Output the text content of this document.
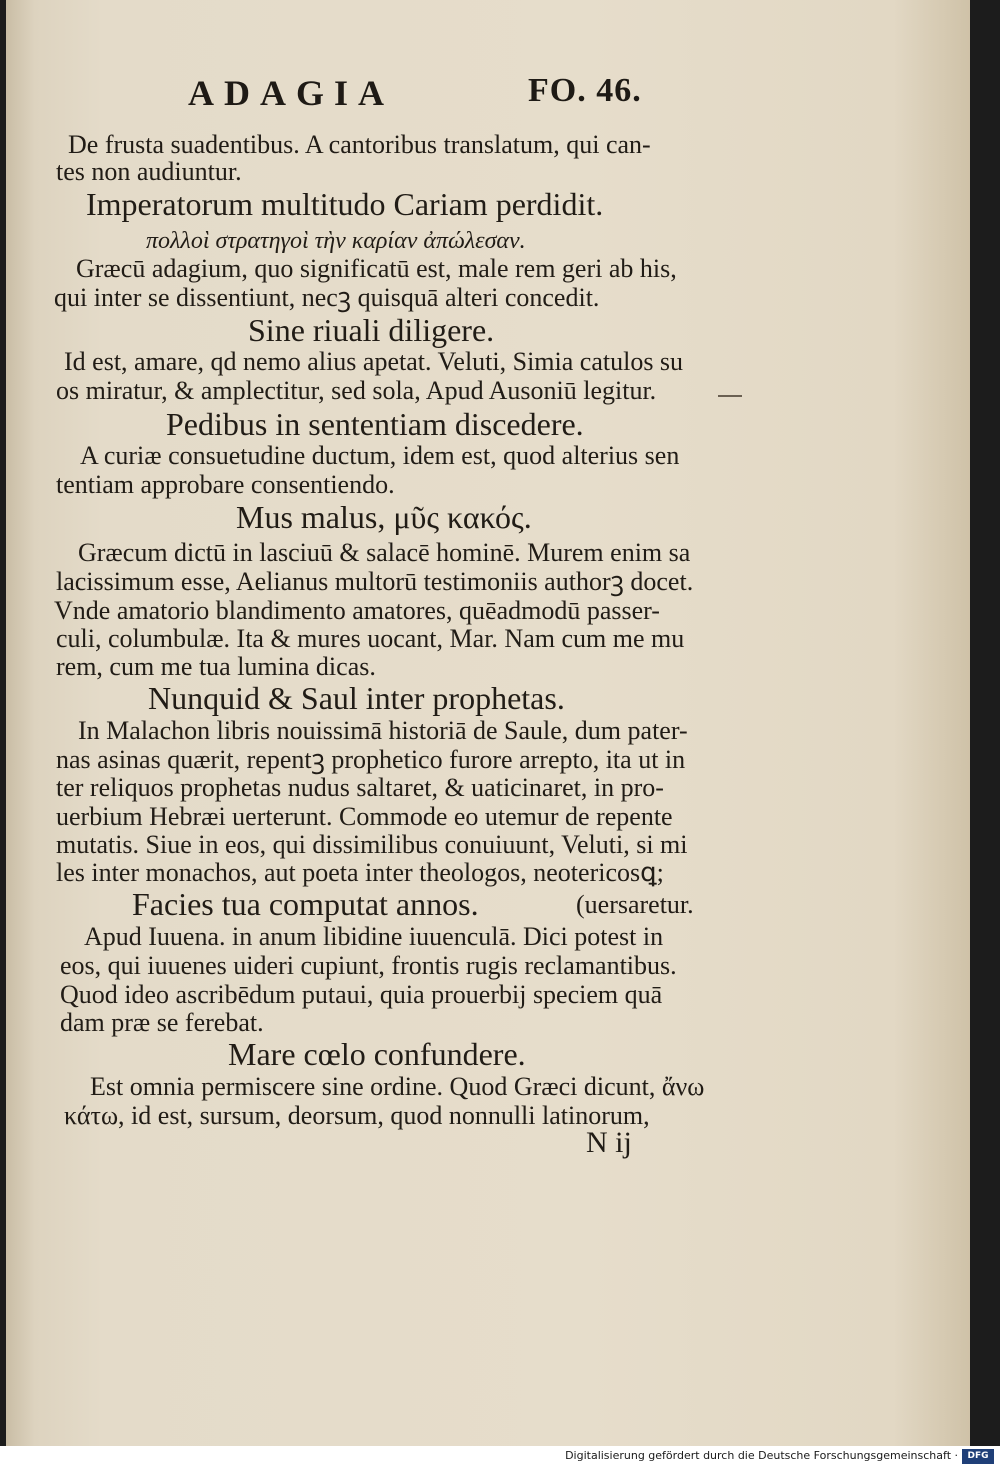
ADAGIA	FO. 46.
De frusta suadentibus. A cantoribus translatum, qui can-
tes non audiuntur.
Imperatorum multitudo Cariam perdidit.
πολλοὶ στρατηγοὶ τὴν καρίαν ἀπώλεσαν.
Græcū adagium, quo significatū est, male rem geri ab his,
qui inter se dissentiunt, necꝫ quisquā alteri concedit.
Sine riuali diligere.
Id est, amare, qd nemo alius apetat. Veluti, Simia catulos su
os miratur, & amplectitur, sed sola, Apud Ausoniū legitur.
Pedibus in sententiam discedere.
A curiæ consuetudine ductum, idem est, quod alterius sen
tentiam approbare consentiendo.
Mus malus, μῦς κακός.
Græcum dictū in lasciuū & salacē hominē. Murem enim sa
lacissimum esse, Aelianus multorū testimoniis authorꝫ docet.
Vnde amatorio blandimento amatores, quēadmodū passer-
culi, columbulæ. Ita & mures uocant, Mar. Nam cum me mu
rem, cum me tua lumina dicas.
Nunquid & Saul inter prophetas.
In Malachon libris nouissimā historiā de Saule, dum pater-
nas asinas quærit, repentꝫ prophetico furore arrepto, ita ut in
ter reliquos prophetas nudus saltaret, & uaticinaret, in pro-
uerbium Hebræi uerterunt. Commode eo utemur de repente
mutatis. Siue in eos, qui dissimilibus conuiuunt, Veluti, si mi
les inter monachos, aut poeta inter theologos, neotericosꝗ;
Facies tua computat annos.	(uersaretur.
Apud Iuuena. in anum libidine iuuenculā. Dici potest in
eos, qui iuuenes uideri cupiunt, frontis rugis reclamantibus.
Quod ideo ascribēdum putaui, quia prouerbij speciem quā
dam præ se ferebat.
Mare cœlo confundere.
Est omnia permiscere sine ordine. Quod Græci dicunt, ἄνω
κάτω, id est, sursum, deorsum, quod nonnulli latinorum,
N ij
Digitalisierung gefördert durch die Deutsche Forschungsgemeinschaft ·	DFG
